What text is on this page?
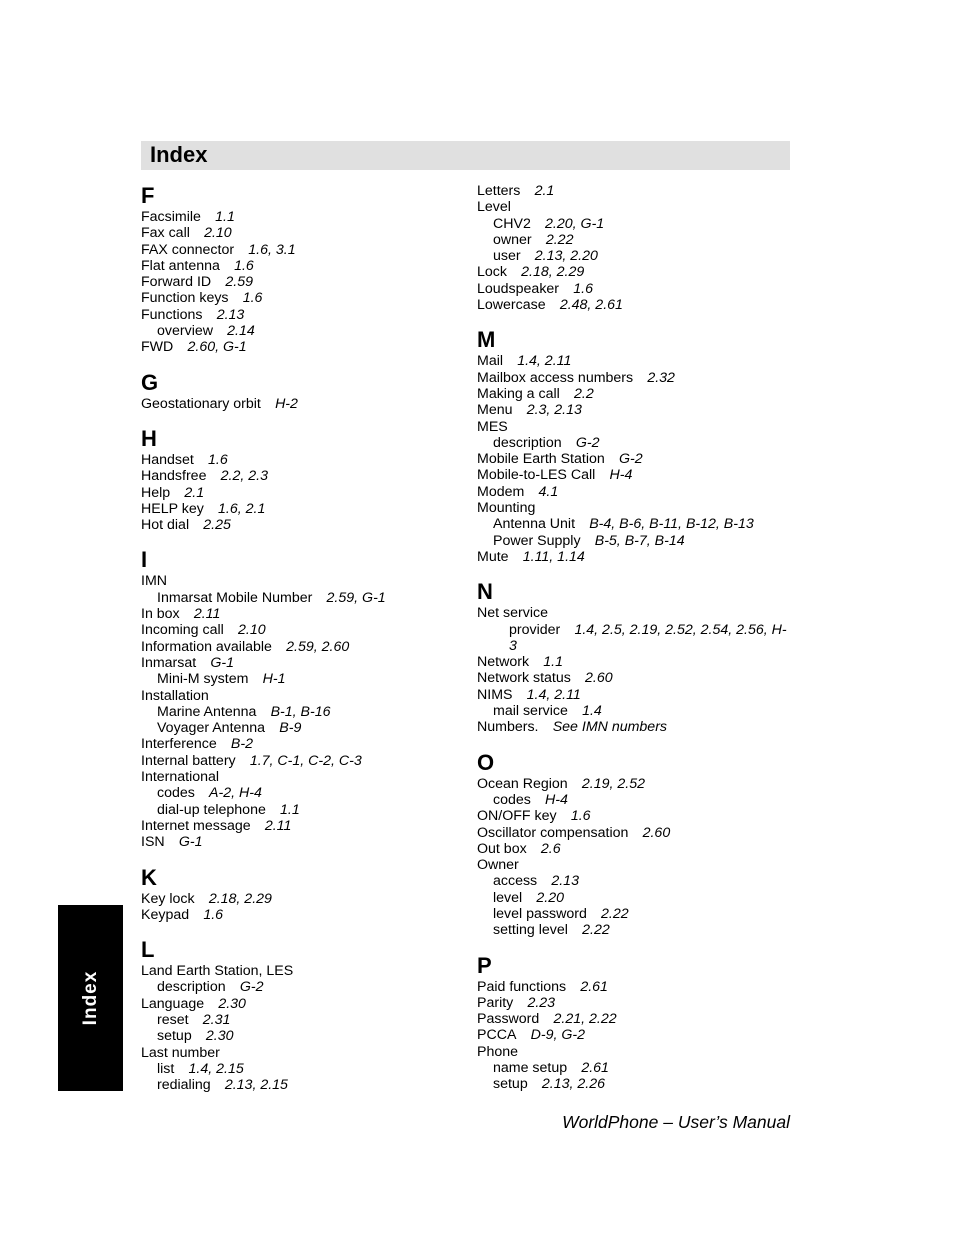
Index
F
Facsimile  1.1
Fax call  2.10
FAX connector  1.6, 3.1
Flat antenna  1.6
Forward ID  2.59
Function keys  1.6
Functions  2.13
overview  2.14
FWD  2.60, G-1
G
Geostationary orbit  H-2
H
Handset  1.6
Handsfree  2.2, 2.3
Help  2.1
HELP key  1.6, 2.1
Hot dial  2.25
I
IMN
Inmarsat Mobile Number  2.59, G-1
In box  2.11
Incoming call  2.10
Information available  2.59, 2.60
Inmarsat  G-1
Mini-M system  H-1
Installation
Marine Antenna  B-1, B-16
Voyager Antenna  B-9
Interference  B-2
Internal battery  1.7, C-1, C-2, C-3
International
codes  A-2, H-4
dial-up telephone  1.1
Internet message  2.11
ISN  G-1
K
Key lock  2.18, 2.29
Keypad  1.6
L
Land Earth Station, LES
description  G-2
Language  2.30
reset  2.31
setup  2.30
Last number
list  1.4, 2.15
redialing  2.13, 2.15
Letters  2.1
Level
CHV2  2.20, G-1
owner  2.22
user  2.13, 2.20
Lock  2.18, 2.29
Loudspeaker  1.6
Lowercase  2.48, 2.61
M
Mail  1.4, 2.11
Mailbox access numbers  2.32
Making a call  2.2
Menu  2.3, 2.13
MES
description  G-2
Mobile Earth Station  G-2
Mobile-to-LES Call  H-4
Modem  4.1
Mounting
Antenna Unit  B-4, B-6, B-11, B-12, B-13
Power Supply  B-5, B-7, B-14
Mute  1.11, 1.14
N
Net service
provider  1.4, 2.5, 2.19, 2.52, 2.54, 2.56, H-3
Network  1.1
Network status  2.60
NIMS  1.4, 2.11
mail service  1.4
Numbers.  See IMN numbers
O
Ocean Region  2.19, 2.52
codes  H-4
ON/OFF key  1.6
Oscillator compensation  2.60
Out box  2.6
Owner
access  2.13
level  2.20
level password  2.22
setting level  2.22
P
Paid functions  2.61
Parity  2.23
Password  2.21, 2.22
PCCA  D-9, G-2
Phone
name setup  2.61
setup  2.13, 2.26
Index
WorldPhone – User’s Manual
